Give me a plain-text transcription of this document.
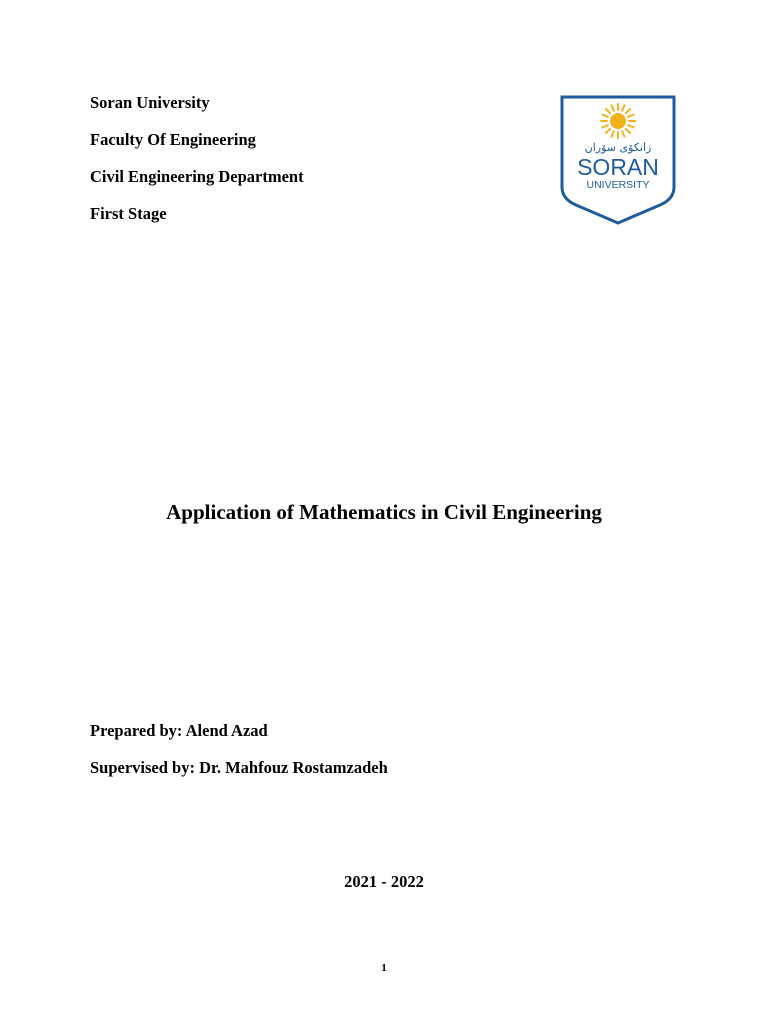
Soran University
Faculty Of Engineering
Civil Engineering Department
First Stage
زانكۆی سۆران
SORAN
UNIVERSITY
Application of Mathematics in Civil Engineering
Prepared by: Alend Azad
Supervised by: Dr. Mahfouz Rostamzadeh
2021 - 2022
1
